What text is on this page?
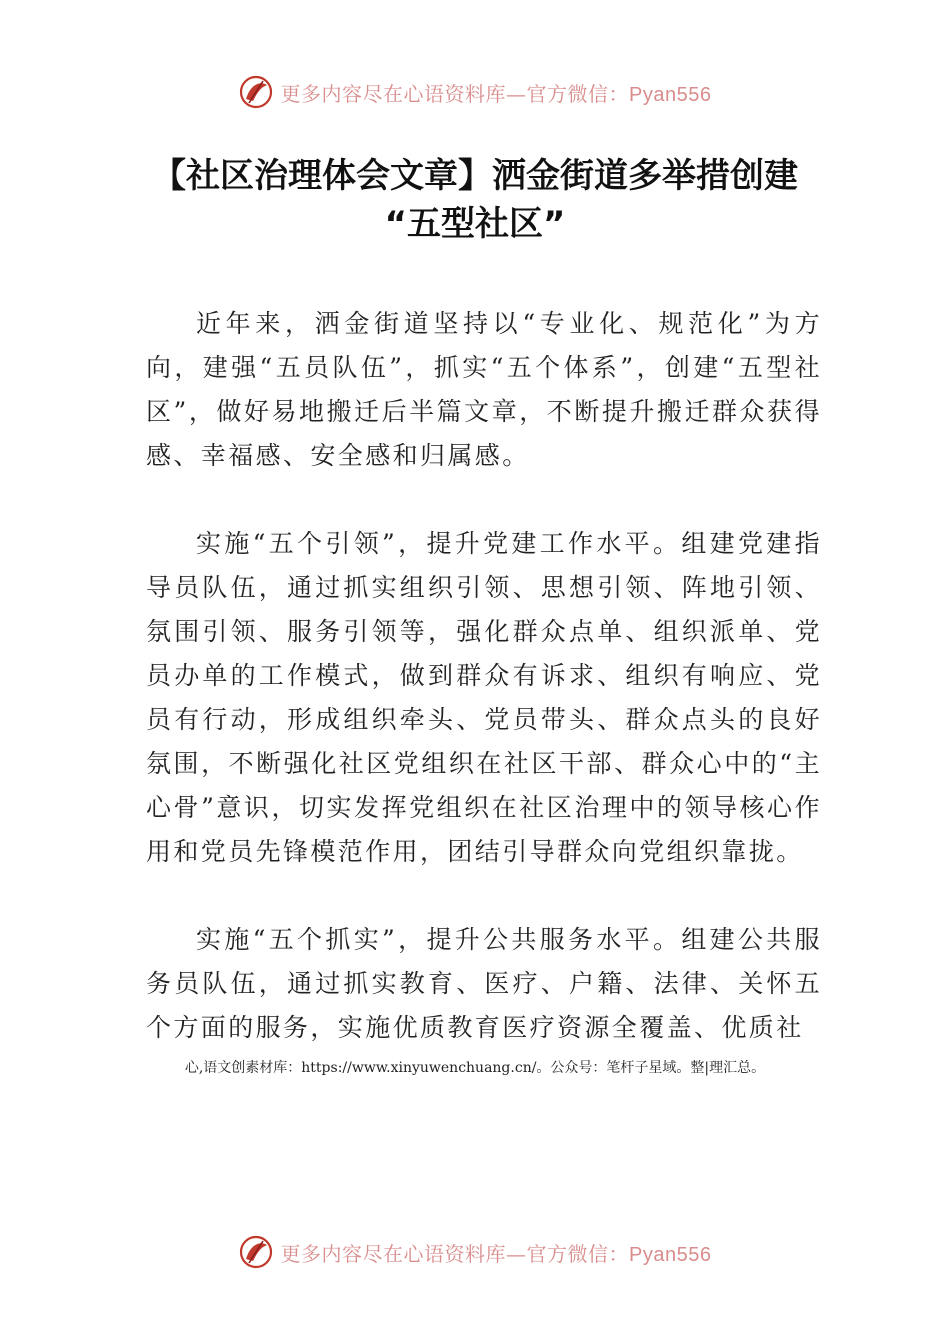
更多内容尽在心语资料库—官方微信：Pyan556
【社区治理体会文章】洒金街道多举措创建
“五型社区”

近年来，洒金街道坚持以“专业化、规范化”为方向，建强“五员队伍”，抓实“五个体系”，创建“五型社区”，做好易地搬迁后半篇文章，不断提升搬迁群众获得感、幸福感、安全感和归属感。

实施“五个引领”，提升党建工作水平。组建党建指导员队伍，通过抓实组织引领、思想引领、阵地引领、氛围引领、服务引领等，强化群众点单、组织派单、党员办单的工作模式，做到群众有诉求、组织有响应、党员有行动，形成组织牵头、党员带头、群众点头的良好氛围，不断强化社区党组织在社区干部、群众心中的“主心骨”意识，切实发挥党组织在社区治理中的领导核心作用和党员先锋模范作用，团结引导群众向党组织靠拢。

实施“五个抓实”，提升公共服务水平。组建公共服务员队伍，通过抓实教育、医疗、户籍、法律、关怀五个方面的服务，实施优质教育医疗资源全覆盖、优质社

心,语文创素材库：https://www.xinyuwenchuang.cn/。公众号：笔杆子星域。整|理汇总。
更多内容尽在心语资料库—官方微信：Pyan556
